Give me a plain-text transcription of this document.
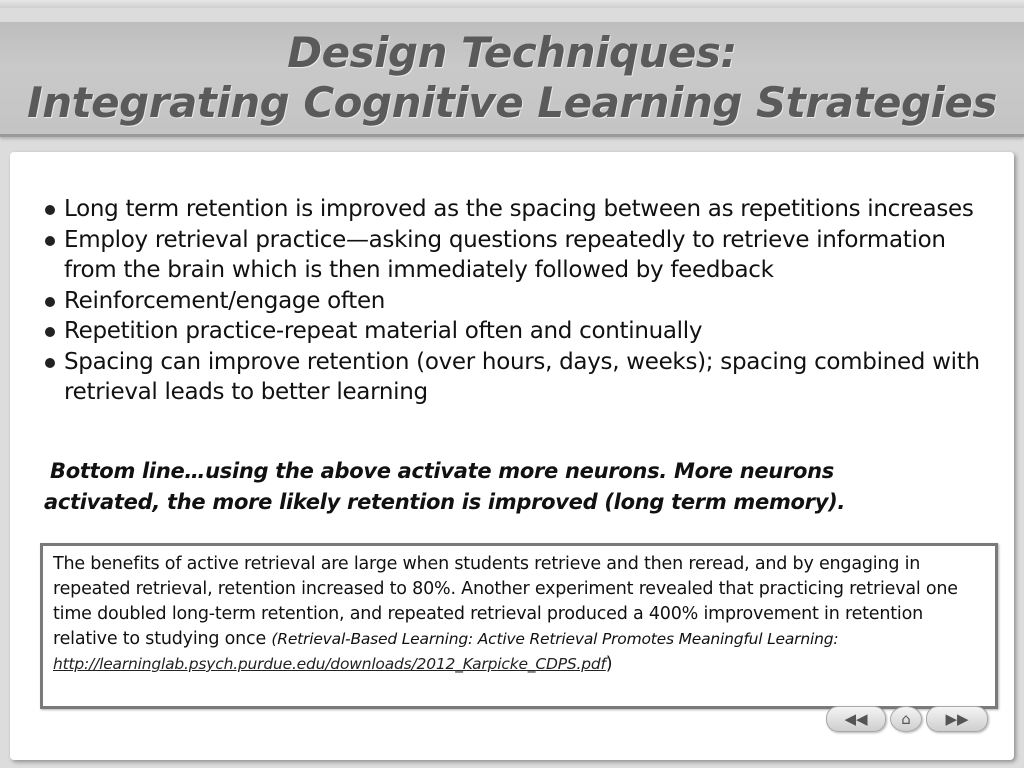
Design Techniques:
Integrating Cognitive Learning Strategies
Long term retention is improved as the spacing between as repetitions increases
Employ retrieval practice—asking questions repeatedly to retrieve information from the brain which is then immediately followed by feedback
Reinforcement/engage often
Repetition practice-repeat material often and continually
Spacing can improve retention (over hours, days, weeks); spacing combined with retrieval leads to better learning
Bottom line…using the above activate more neurons. More neurons activated, the more likely retention is improved (long term memory).
The benefits of active retrieval are large when students retrieve and then reread, and by engaging in repeated retrieval, retention increased to 80%. Another experiment revealed that practicing retrieval one time doubled long-term retention, and repeated retrieval produced a 400% improvement in retention relative to studying once (Retrieval-Based Learning: Active Retrieval Promotes Meaningful Learning:
http://learninglab.psych.purdue.edu/downloads/2012_Karpicke_CDPS.pdf)
◀◀ ⌂ ▶▶
